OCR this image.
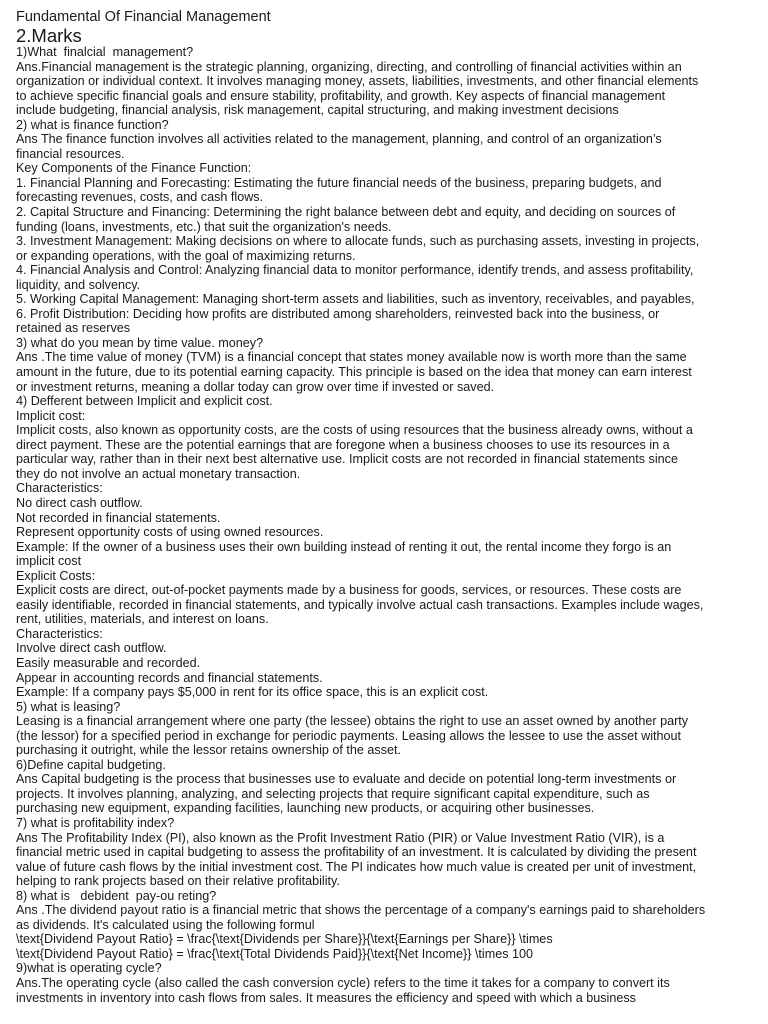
Fundamental Of Financial Management
2.Marks
1)What  finalcial  management?
Ans.Financial management is the strategic planning, organizing, directing, and controlling of financial activities within an
organization or individual context. It involves managing money, assets, liabilities, investments, and other financial elements
to achieve specific financial goals and ensure stability, profitability, and growth. Key aspects of financial management
include budgeting, financial analysis, risk management, capital structuring, and making investment decisions
2) what is finance function?
Ans The finance function involves all activities related to the management, planning, and control of an organization’s
financial resources.
Key Components of the Finance Function:
1. Financial Planning and Forecasting: Estimating the future financial needs of the business, preparing budgets, and
forecasting revenues, costs, and cash flows.
2. Capital Structure and Financing: Determining the right balance between debt and equity, and deciding on sources of
funding (loans, investments, etc.) that suit the organization's needs.
3. Investment Management: Making decisions on where to allocate funds, such as purchasing assets, investing in projects,
or expanding operations, with the goal of maximizing returns.
4. Financial Analysis and Control: Analyzing financial data to monitor performance, identify trends, and assess profitability,
liquidity, and solvency.
5. Working Capital Management: Managing short-term assets and liabilities, such as inventory, receivables, and payables,
6. Profit Distribution: Deciding how profits are distributed among shareholders, reinvested back into the business, or
retained as reserves
3) what do you mean by time value. money?
Ans .The time value of money (TVM) is a financial concept that states money available now is worth more than the same
amount in the future, due to its potential earning capacity. This principle is based on the idea that money can earn interest
or investment returns, meaning a dollar today can grow over time if invested or saved.
4) Defferent between Implicit and explicit cost.
Implicit cost:
Implicit costs, also known as opportunity costs, are the costs of using resources that the business already owns, without a
direct payment. These are the potential earnings that are foregone when a business chooses to use its resources in a
particular way, rather than in their next best alternative use. Implicit costs are not recorded in financial statements since
they do not involve an actual monetary transaction.
Characteristics:
No direct cash outflow.
Not recorded in financial statements.
Represent opportunity costs of using owned resources.
Example: If the owner of a business uses their own building instead of renting it out, the rental income they forgo is an
implicit cost
Explicit Costs:
Explicit costs are direct, out-of-pocket payments made by a business for goods, services, or resources. These costs are
easily identifiable, recorded in financial statements, and typically involve actual cash transactions. Examples include wages,
rent, utilities, materials, and interest on loans.
Characteristics:
Involve direct cash outflow.
Easily measurable and recorded.
Appear in accounting records and financial statements.
Example: If a company pays $5,000 in rent for its office space, this is an explicit cost.
5) what is leasing?
Leasing is a financial arrangement where one party (the lessee) obtains the right to use an asset owned by another party
(the lessor) for a specified period in exchange for periodic payments. Leasing allows the lessee to use the asset without
purchasing it outright, while the lessor retains ownership of the asset.
6)Define capital budgeting.
Ans Capital budgeting is the process that businesses use to evaluate and decide on potential long-term investments or
projects. It involves planning, analyzing, and selecting projects that require significant capital expenditure, such as
purchasing new equipment, expanding facilities, launching new products, or acquiring other businesses.
7) what is profitability index?
Ans The Profitability Index (PI), also known as the Profit Investment Ratio (PIR) or Value Investment Ratio (VIR), is a
financial metric used in capital budgeting to assess the profitability of an investment. It is calculated by dividing the present
value of future cash flows by the initial investment cost. The PI indicates how much value is created per unit of investment,
helping to rank projects based on their relative profitability.
8) what is   debident  pay-ou reting?
Ans .The dividend payout ratio is a financial metric that shows the percentage of a company's earnings paid to shareholders
as dividends. It's calculated using the following formul
\text{Dividend Payout Ratio} = \frac{\text{Dividends per Share}}{\text{Earnings per Share}} \times
\text{Dividend Payout Ratio} = \frac{\text{Total Dividends Paid}}{\text{Net Income}} \times 100
9)what is operating cycle?
Ans.The operating cycle (also called the cash conversion cycle) refers to the time it takes for a company to convert its
investments in inventory into cash flows from sales. It measures the efficiency and speed with which a business
